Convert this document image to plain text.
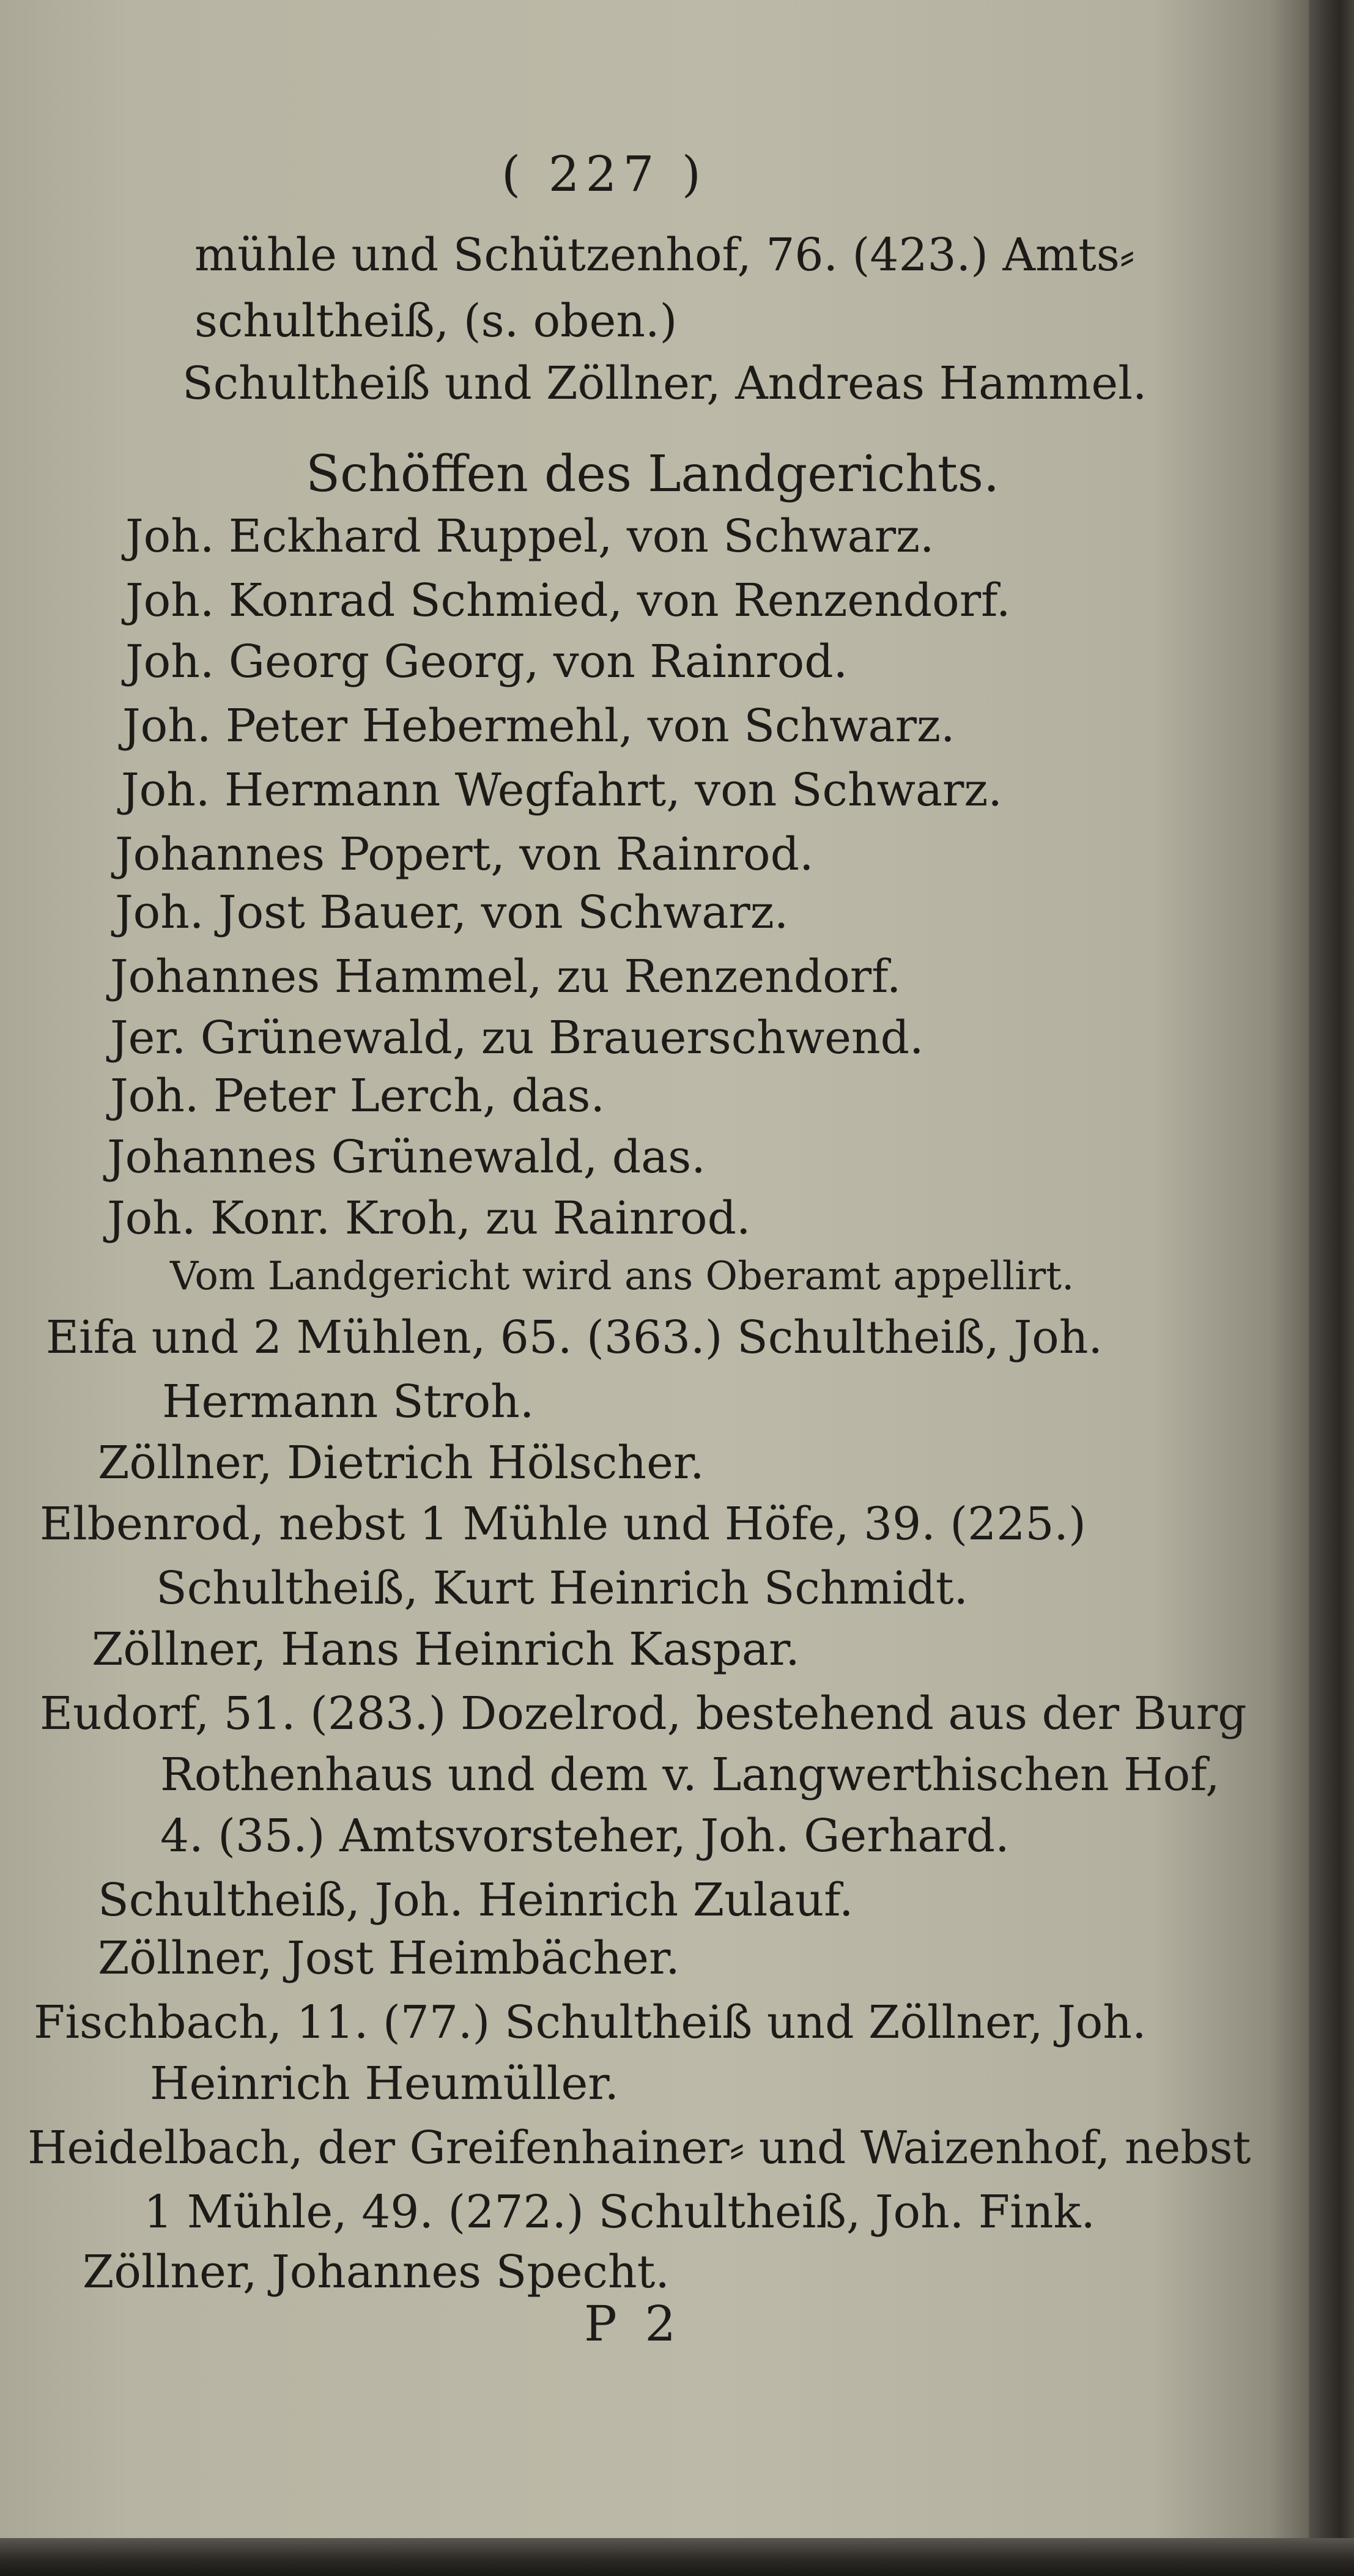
( 227 )
mühle und Schützenhof, 76. (423.) Amts⸗
schultheiß, (s. oben.)
Schultheiß und Zöllner, Andreas Hammel.
Schöffen des Landgerichts.
Joh. Eckhard Ruppel, von Schwarz.
Joh. Konrad Schmied, von Renzendorf.
Joh. Georg Georg, von Rainrod.
Joh. Peter Hebermehl, von Schwarz.
Joh. Hermann Wegfahrt, von Schwarz.
Johannes Popert, von Rainrod.
Joh. Jost Bauer, von Schwarz.
Johannes Hammel, zu Renzendorf.
Jer. Grünewald, zu Brauerschwend.
Joh. Peter Lerch, das.
Johannes Grünewald, das.
Joh. Konr. Kroh, zu Rainrod.
Vom Landgericht wird ans Oberamt appellirt.
Eifa und 2 Mühlen, 65. (363.) Schultheiß, Joh.
Hermann Stroh.
Zöllner, Dietrich Hölscher.
Elbenrod, nebst 1 Mühle und Höfe, 39. (225.)
Schultheiß, Kurt Heinrich Schmidt.
Zöllner, Hans Heinrich Kaspar.
Eudorf, 51. (283.) Dozelrod, bestehend aus der Burg
Rothenhaus und dem v. Langwerthischen Hof,
4. (35.) Amtsvorsteher, Joh. Gerhard.
Schultheiß, Joh. Heinrich Zulauf.
Zöllner, Jost Heimbächer.
Fischbach, 11. (77.) Schultheiß und Zöllner, Joh.
Heinrich Heumüller.
Heidelbach, der Greifenhainer⸗ und Waizenhof, nebst
1 Mühle, 49. (272.) Schultheiß, Joh. Fink.
Zöllner, Johannes Specht.
P 2
